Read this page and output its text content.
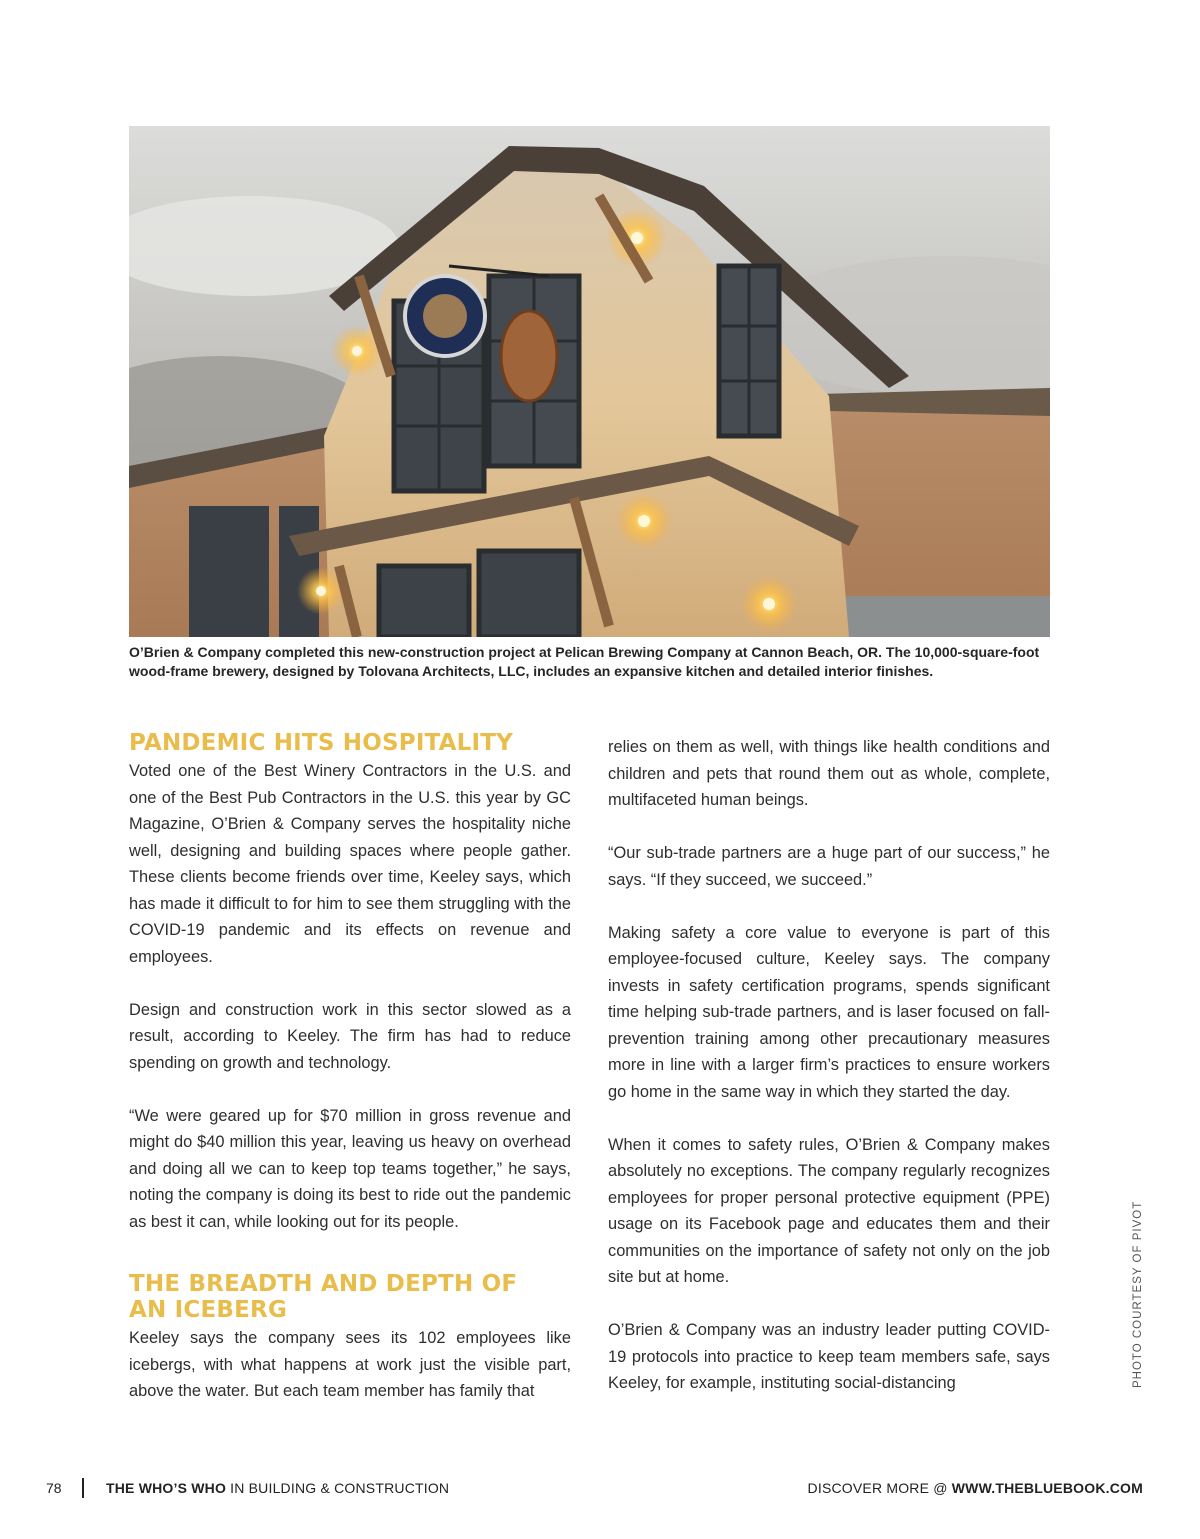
O’Brien & Company completed this new-construction project at Pelican Brewing Company at Cannon Beach, OR. The 10,000-square-foot wood-frame brewery, designed by Tolovana Architects, LLC, includes an expansive kitchen and detailed interior finishes.
PANDEMIC HITS HOSPITALITY

Voted one of the Best Winery Contractors in the U.S. and one of the Best Pub Contractors in the U.S. this year by GC Magazine, O’Brien & Company serves the hospitality niche well, designing and building spaces where people gather. These clients become friends over time, Keeley says, which has made it difficult to for him to see them struggling with the COVID-19 pandemic and its effects on revenue and employees.

Design and construction work in this sector slowed as a result, according to Keeley. The firm has had to reduce spending on growth and technology.

“We were geared up for $70 million in gross revenue and might do $40 million this year, leaving us heavy on overhead and doing all we can to keep top teams together,” he says, noting the company is doing its best to ride out the pandemic as best it can, while looking out for its people.

THE BREADTH AND DEPTH OF
AN ICEBERG

Keeley says the company sees its 102 employees like icebergs, with what happens at work just the visible part, above the water. But each team member has family that

relies on them as well, with things like health conditions and children and pets that round them out as whole, complete, multifaceted human beings.

“Our sub-trade partners are a huge part of our success,” he says. “If they succeed, we succeed.”

Making safety a core value to everyone is part of this employee-focused culture, Keeley says. The company invests in safety certification programs, spends significant time helping sub-trade partners, and is laser focused on fall-prevention training among other precautionary measures more in line with a larger firm’s practices to ensure workers go home in the same way in which they started the day.

When it comes to safety rules, O’Brien & Company makes absolutely no exceptions. The company regularly recognizes employees for proper personal protective equipment (PPE) usage on its Facebook page and educates them and their communities on the importance of safety not only on the job site but at home.

O’Brien & Company was an industry leader putting COVID-19 protocols into practice to keep team members safe, says Keeley, for example, instituting social-distancing	PHOTO COURTESY OF PIVOT
78	THE WHO’S WHO IN BUILDING & CONSTRUCTION	DISCOVER MORE @ WWW.THEBLUEBOOK.COM
